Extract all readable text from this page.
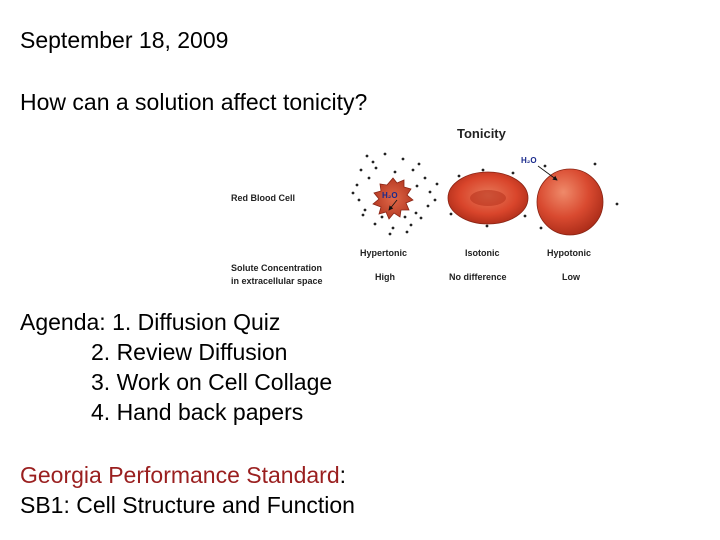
September 18, 2009
How can a solution affect tonicity?
Tonicity
Red Blood Cell	H₂O
H₂O
Hypertonic	Isotonic	Hypotonic
Solute Concentration
in extracellular space	High	No difference	Low
Agenda: 1. Diffusion Quiz
2. Review Diffusion
3. Work on Cell Collage
4. Hand back papers
Georgia Performance Standard:
SB1: Cell Structure and Function
